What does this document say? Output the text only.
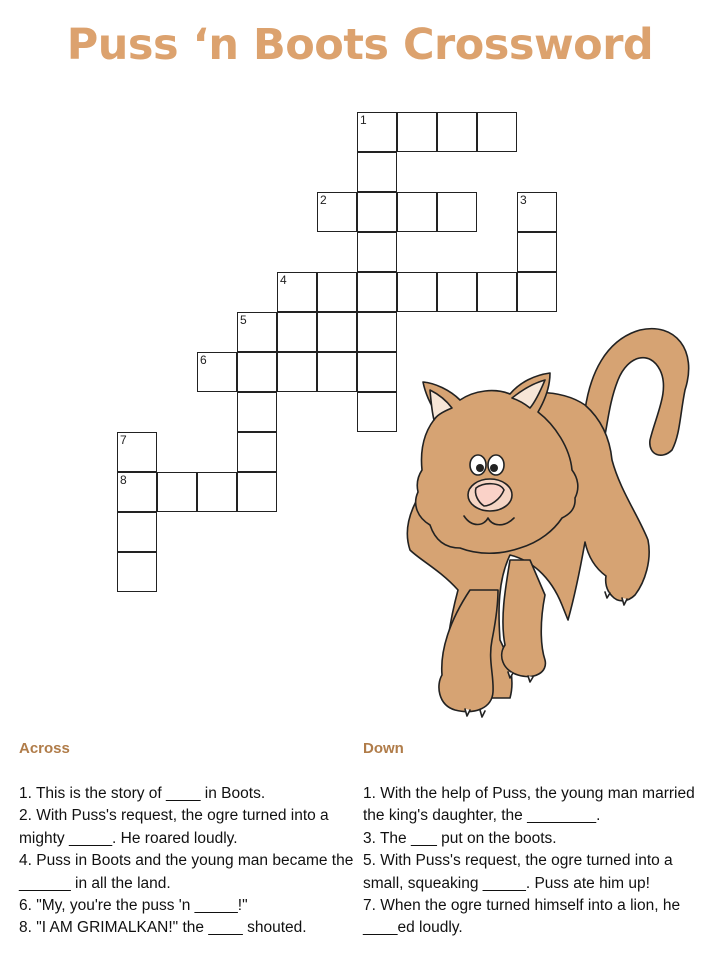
Puss ‘n Boots Crossword
1
2	3
4
5
6
7
8
Across	Down
1. This is the story of ____ in Boots.
2. With Puss's request, the ogre turned into a mighty _____. He roared loudly.
4. Puss in Boots and the young man became the ______ in all the land.
6. "My, you're the puss 'n _____!"
8. "I AM GRIMALKAN!" the ____ shouted.
1. With the help of Puss, the young man married the king's daughter, the ________.
3. The ___ put on the boots.
5. With Puss's request, the ogre turned into a small, squeaking _____. Puss ate him up!
7. When the ogre turned himself into a lion, he ____ed loudly.
